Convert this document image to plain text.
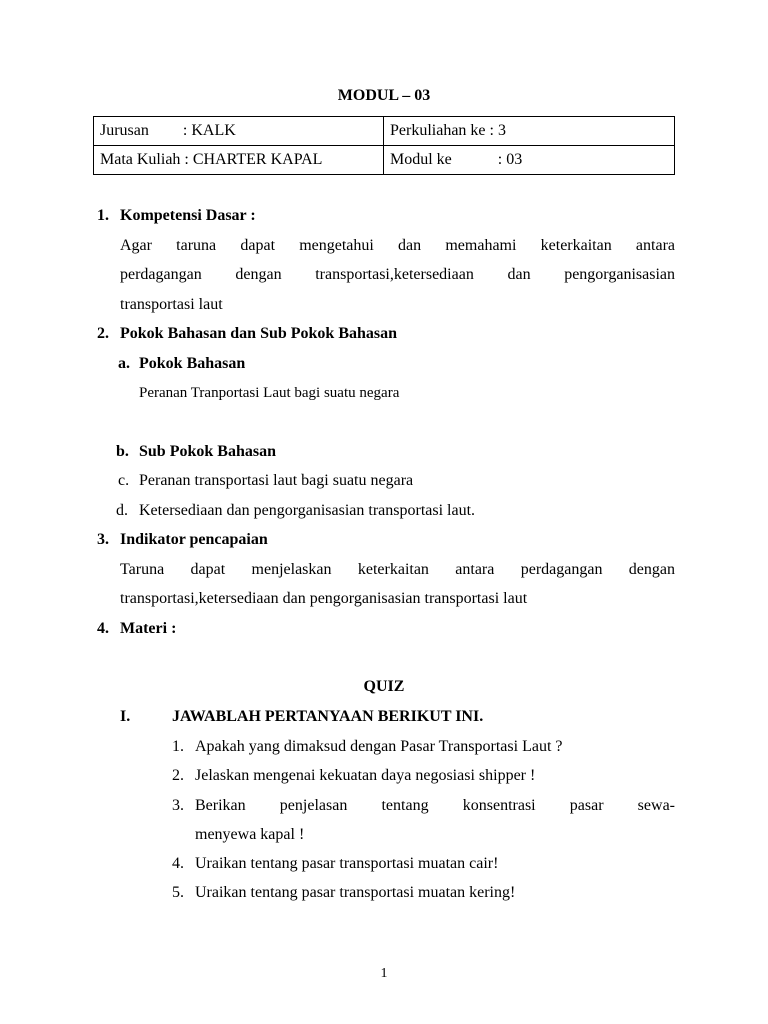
MODUL – 03
Jurusan : KALK	Perkuliahan ke : 3
Mata Kuliah : CHARTER KAPAL	Modul ke : 03
1. Kompetensi Dasar :
Agar taruna dapat mengetahui dan memahami keterkaitan antara
perdagangan dengan transportasi,ketersediaan dan pengorganisasian
transportasi laut
2. Pokok Bahasan dan Sub Pokok Bahasan
a. Pokok Bahasan
Peranan Tranportasi Laut bagi suatu negara
b. Sub Pokok Bahasan
c. Peranan transportasi laut bagi suatu negara
d. Ketersediaan dan pengorganisasian transportasi laut.
3. Indikator pencapaian
Taruna dapat menjelaskan keterkaitan antara perdagangan dengan
transportasi,ketersediaan dan pengorganisasian transportasi laut
4. Materi :
QUIZ
I.	JAWABLAH PERTANYAAN BERIKUT INI.
1. Apakah yang dimaksud dengan Pasar Transportasi Laut ?
2. Jelaskan mengenai kekuatan daya negosiasi shipper !
3. Berikan penjelasan tentang konsentrasi pasar sewa-
menyewa kapal !
4. Uraikan tentang pasar transportasi muatan cair!
5. Uraikan tentang pasar transportasi muatan kering!
1
